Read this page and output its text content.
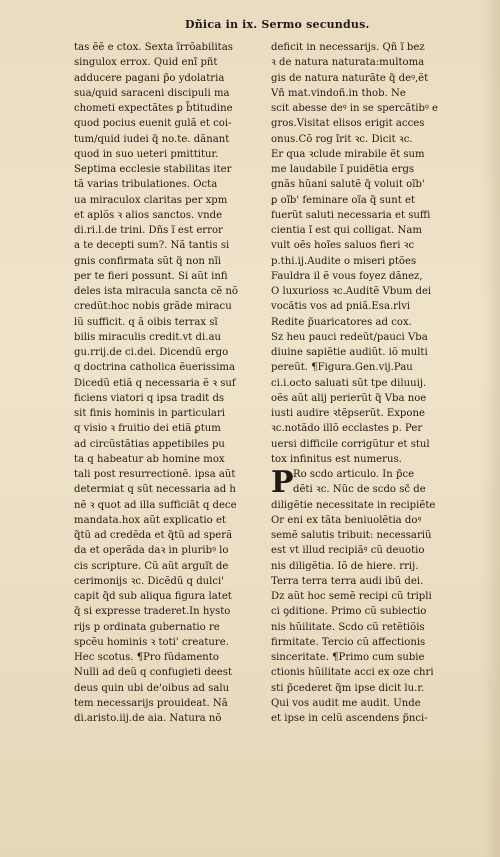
Dñica in ix. Sermo secundus.
tas ẽẽ e ctox. Sexta ĩrrõabilitas
singulox errox. Quid enĩ pñt
adducere pagani p̃o ydolatria
sua/quid saraceni discipuli ma
chometi expectãtes ꝑ b̃titudine
quod pocius euenit gulã et coi-
tum/quid iudei q̃ no.te. dãnant
quod in suo ueteri pmittitur.
Septima ecclesie stabilitas iter
tã varias tribulationes. Octa
ua miraculox claritas per xpm
et aplõs ꝛ alios sanctos. vnde
di.ri.l.de trini. Dñs ĩ est error
a te decepti sum?. Nã tantis si
gnis confirmata sũt q̃ non nĩi
per te fieri possunt. Si aũt infi
deles ista miracula sancta cẽ nõ
credũt:hoc nobis grãde miracu
lũ sufficit. q ã oibis terrax sĩ
bilis miraculis credit.vt di.au
gu.rrij.de ci.dei. Dicendũ ergo
q doctrina catholica ẽuerissima
Dicedũ etiã q necessaria ẽ ꝛ suf
ficiens viatori q ipsa tradit ds
sit finis hominis in particulari
q visio ꝛ fruitio dei etiã ꝑtum
ad circũstãtias appetibiles pu
ta q habeatur ab homine mox
tali post resurrectionẽ. ipsa aũt
determiat q sũt necessaria ad h
nẽ ꝛ quot ad illa sufficiãt q dece
mandata.hox aũt explicatio et
q̃tũ ad credẽda et q̃tũ ad sperã
da et operãda daꝛ in pluribꝰ lo
cis scripture. Cũ aũt arguĩt de
cerimonijs ꝛc. Dicẽdũ q dulci'
capit q̃d sub aliqua figura latet
q̃ si expresse traderet.In hysto
rijs p ordinata gubernatio re
spcẽu hominis ꝛ toti' creature.
Hec scotus. ¶Pro fũdamento
Nulli ad deũ q confugieti deest
deus quin ubi de'oibus ad salu
tem necessarijs prouideat. Nã
di.aristo.iij.de aia. Natura nõ
deficit in necessarijs. Qñ ĩ bez
ꝛ de natura naturata:multoma
gis de natura naturãte q̃ deꝰ,ẽt
Vñ mat.vindoñ.in thob. Ne
scit abesse deꝰ in se spercãtibꝰ e
gros.Visitat elisos erigit acces
onus.Cõ rog ĩrit ꝛc. Dicit ꝛc.
Er qua ꝛclude mirabile ẽt sum
me laudabile ĩ puidẽtia ergs
gnãs hũani salutẽ q̃ voluit oĩb'
ꝑ oĩb' feminare oĩa q̃ sunt et
fuerũt saluti necessaria et suffi
cientia ĩ est qui colligat. Nam
vult oẽs hoĩes saluos fieri ꝛc
p.thi.ij.Audite o miseri ꝑtões
Fauldra il ẽ vous foyez dãnez,
O luxurioss ꝛc.Auditẽ Vbum dei
vocãtis vos ad pniã.Esa.rlvi
Redite p̃uaricatores ad cox.
Sz heu pauci redeũt/pauci Vba
diuine sapiẽtie audiũt. iõ multi
pereũt. ¶Figura.Gen.vij.Pau
ci.i.octo saluati sũt tpe diluuij.
oẽs aũt alij perierũt q̃ Vba noe
iusti audire ꝛtẽpserũt. Expone
ꝛc.notãdo illõ ecclastes p. Per
uersi difficile corrigũtur et stul
tox infinitus est numerus.
P Ro scdo articulo. In p̃ce
dẽti ꝛc. Nũc de scdo sc̃ de
diligẽtie necessitate in recipiẽte
Or eni ex tãta beniuolẽtia doꝰ
semẽ salutis tribuit: necessariũ
est vt illud recipiãꝰ cũ deuotio
nis diligẽtia. Iõ de hiere. rrij.
Terra terra terra audi ibũ dei.
Dz aũt hoc semẽ recipi cũ tripli
ci ꝯditione. Primo cũ subiectio
nis hũilitate. Scdo cũ retẽtiõis
firmitate. Tercio cũ affectionis
sinceritate. ¶Primo cum subie
ctionis hũilitate acci ex oze chri
sti p̃cederet q̃m ipse dicit lu.r.
Qui vos audit me audit. Unde
et ipse in celũ ascendens p̃nci-
